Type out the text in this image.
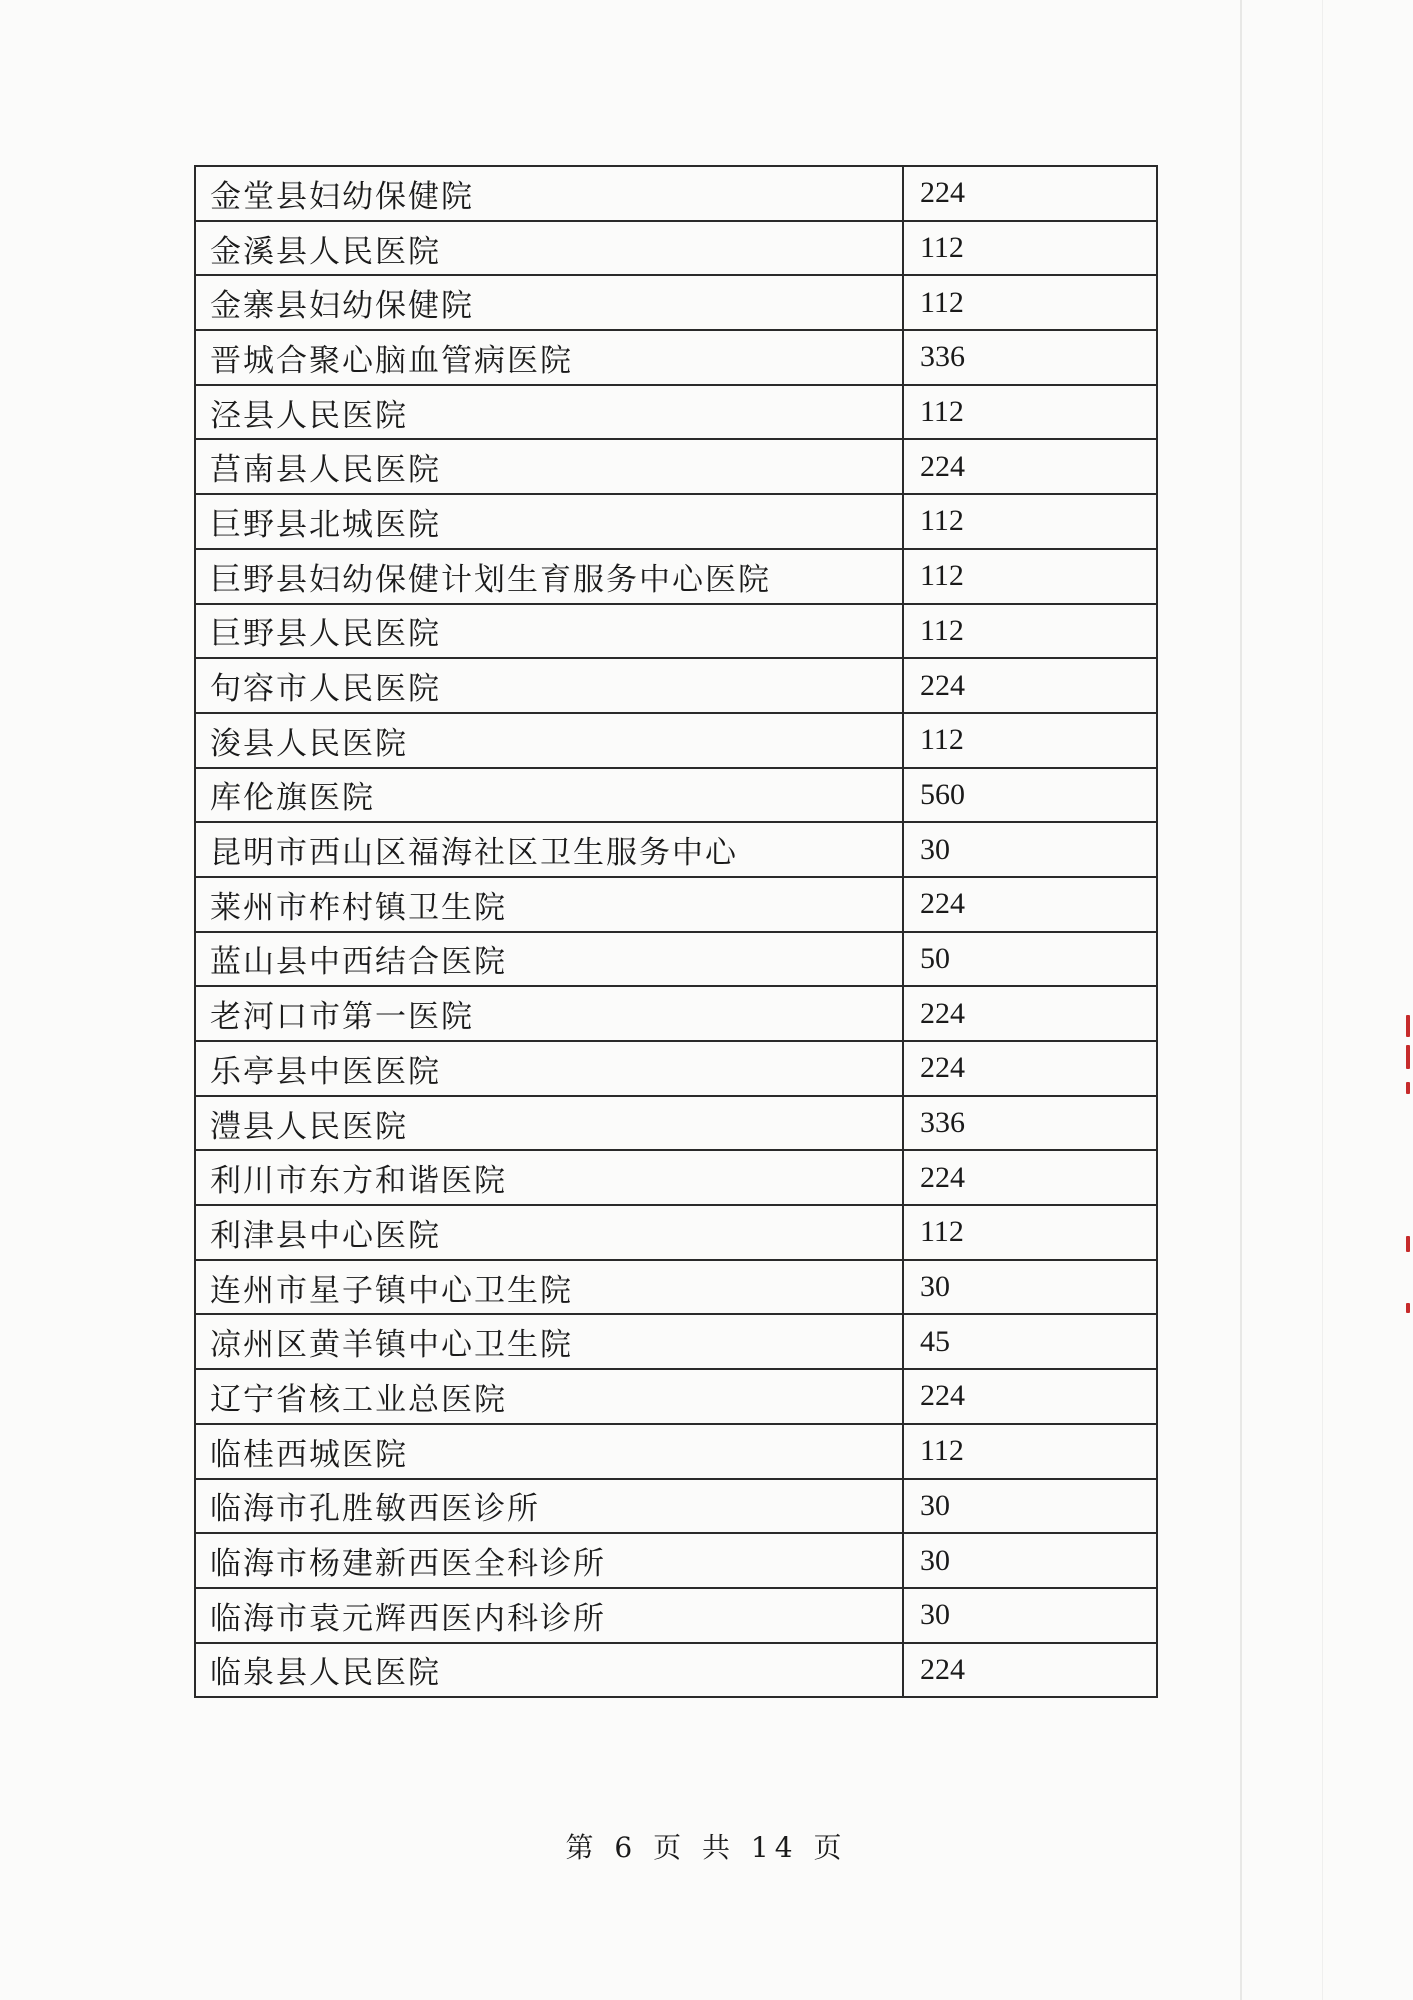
金堂县妇幼保健院	224
金溪县人民医院	112
金寨县妇幼保健院	112
晋城合聚心脑血管病医院	336
泾县人民医院	112
莒南县人民医院	224
巨野县北城医院	112
巨野县妇幼保健计划生育服务中心医院	112
巨野县人民医院	112
句容市人民医院	224
浚县人民医院	112
库伦旗医院	560
昆明市西山区福海社区卫生服务中心	30
莱州市柞村镇卫生院	224
蓝山县中西结合医院	50
老河口市第一医院	224
乐亭县中医医院	224
澧县人民医院	336
利川市东方和谐医院	224
利津县中心医院	112
连州市星子镇中心卫生院	30
凉州区黄羊镇中心卫生院	45
辽宁省核工业总医院	224
临桂西城医院	112
临海市孔胜敏西医诊所	30
临海市杨建新西医全科诊所	30
临海市袁元辉西医内科诊所	30
临泉县人民医院	224
第 6 页 共 14 页
